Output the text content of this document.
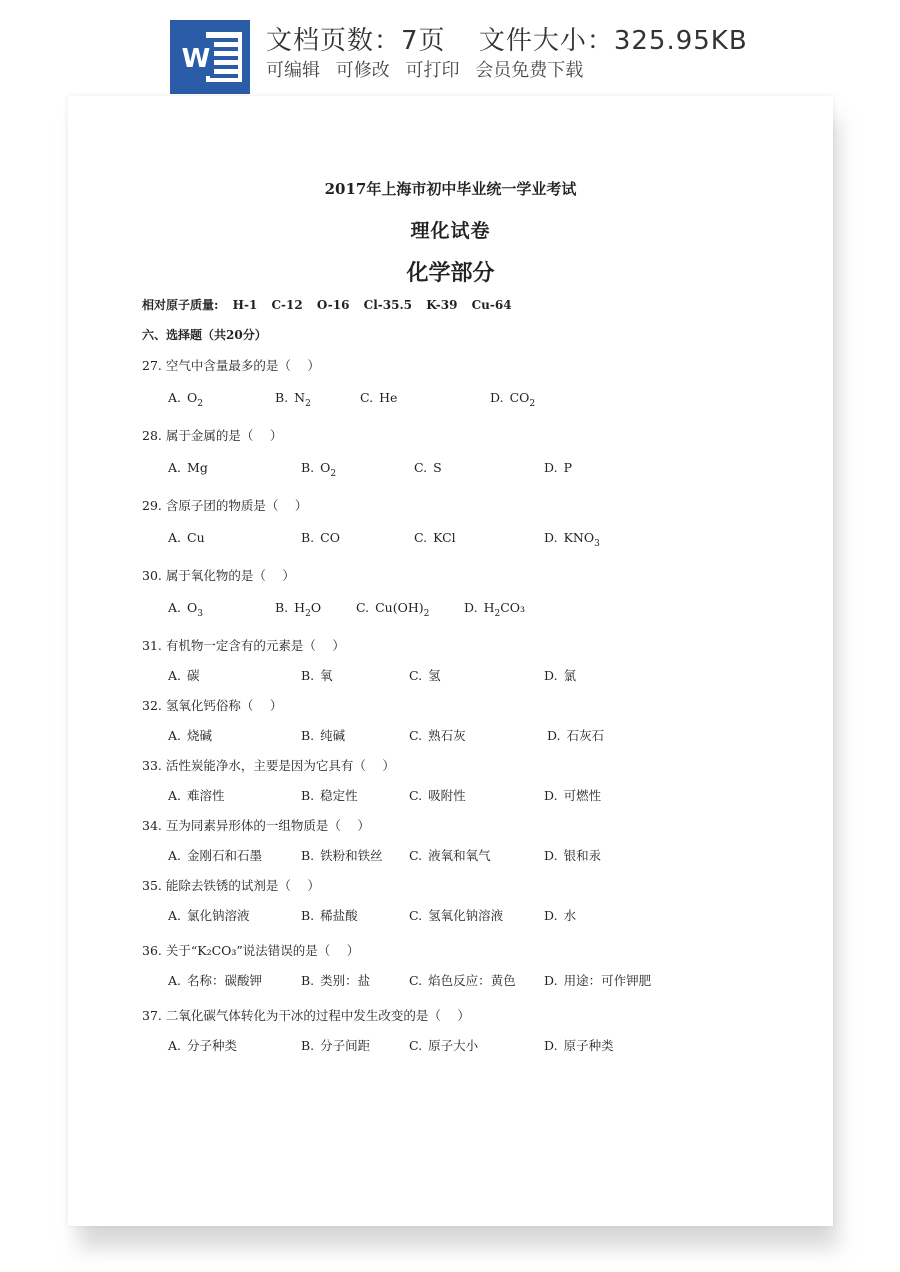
W
文档页数：7页 文件大小：325.95KB
可编辑 可修改 可打印 会员免费下载
2017年上海市初中毕业统一学业考试
理化试卷
化学部分
相对原子质量: H-1 C-12 O-16 Cl-35.5 K-39 Cu-64
六、选择题（共20分）
27. 空气中含量最多的是（　 ）
A. $O_2$	B. $N_2$	C. He	D. $CO_2$
28. 属于金属的是（　 ）
A. Mg	B. $O_2$	C. S	D. P
29. 含原子团的物质是（　 ）
A. Cu	B. CO	C. KCl	D. $KNO_3$
30. 属于氧化物的是（　 ）
A. $O_3$	B. $H_2O$	C. $Cu(OH)_2$	D. $H_2CO_3$
31. 有机物一定含有的元素是（　 ）
A. 碳	B. 氧	C. 氢	D. 氯
32. 氢氧化钙俗称（　 ）
A. 烧碱	B. 纯碱	C. 熟石灰	D. 石灰石
33. 活性炭能净水，主要是因为它具有（　 ）
A. 难溶性	B. 稳定性	C. 吸附性	D. 可燃性
34. 互为同素异形体的一组物质是（　 ）
A. 金刚石和石墨	B. 铁粉和铁丝 C. 液氧和氧气	D. 银和汞
35. 能除去铁锈的试剂是（　 ）
A. 氯化钠溶液	B. 稀盐酸	C. 氢氧化钠溶液	D. 水
36. 关于“K₂CO₃”说法错误的是（　 ）
A. 名称：碳酸钾	B. 类别：盐	C. 焰色反应：黄色 D. 用途：可作钾肥
37. 二氧化碳气体转化为干冰的过程中发生改变的是（　 ）
A. 分子种类	B. 分子间距	C. 原子大小	D. 原子种类
